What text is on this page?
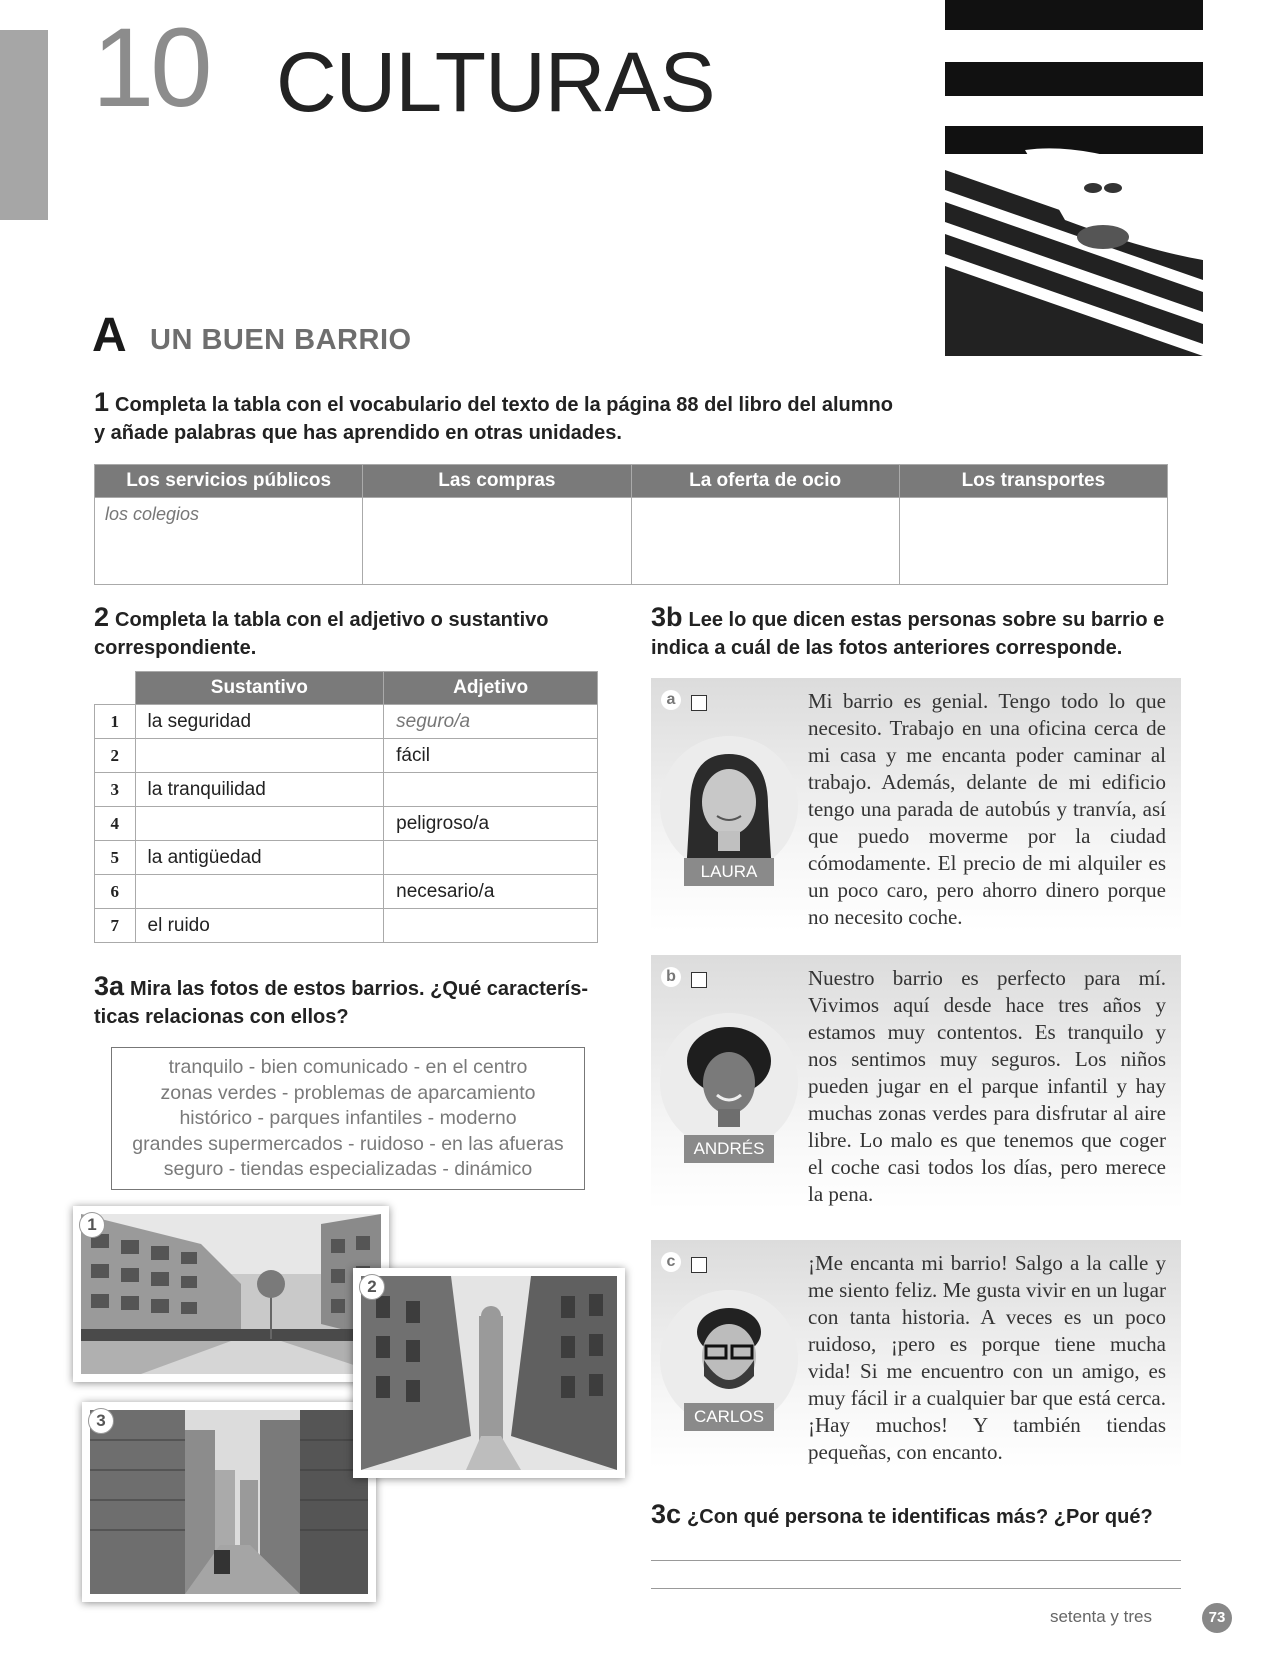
10 CULTURAS
A UN BUEN BARRIO
1 Completa la tabla con el vocabulario del texto de la página 88 del libro del alumno
y añade palabras que has aprendido en otras unidades.
Los servicios públicos	Las compras	La oferta de ocio	Los transportes
los colegios			
2 Completa la tabla con el adjetivo o sustantivo correspondiente.
	Sustantivo	Adjetivo
1	la seguridad	seguro/a
2		fácil
3	la tranquilidad	
4		peligroso/a
5	la antigüedad	
6		necesario/a
7	el ruido	
3a Mira las fotos de estos barrios. ¿Qué características relacionas con ellos?
tranquilo - bien comunicado - en el centro
zonas verdes - problemas de aparcamiento
histórico - parques infantiles - moderno
grandes supermercados - ruidoso - en las afueras
seguro - tiendas especializadas - dinámico
1
3
2
3b Lee lo que dicen estas personas sobre su barrio e indica a cuál de las fotos anteriores corresponde.
a
LAURA
Mi barrio es genial. Tengo todo lo que necesito. Trabajo en una oficina cerca de mi casa y me encanta poder caminar al trabajo. Además, delante de mi edificio tengo una parada de autobús y tranvía, así que puedo moverme por la ciudad cómodamente. El precio de mi alquiler es un poco caro, pero ahorro dinero porque no necesito coche.
b
ANDRÉS
Nuestro barrio es perfecto para mí. Vivimos aquí desde hace tres años y estamos muy contentos. Es tranquilo y nos sentimos muy seguros. Los niños pueden jugar en el parque infantil y hay muchas zonas verdes para disfrutar al aire libre. Lo malo es que tenemos que coger el coche casi todos los días, pero merece la pena.
c
CARLOS
¡Me encanta mi barrio! Salgo a la calle y me siento feliz. Me gusta vivir en un lugar con tanta historia. A veces es un poco ruidoso, ¡pero es porque tiene mucha vida! Si me encuentro con un amigo, es muy fácil ir a cualquier bar que está cerca. ¡Hay muchos! Y también tiendas pequeñas, con encanto.
3c ¿Con qué persona te identificas más? ¿Por qué?
setenta y tres	73
